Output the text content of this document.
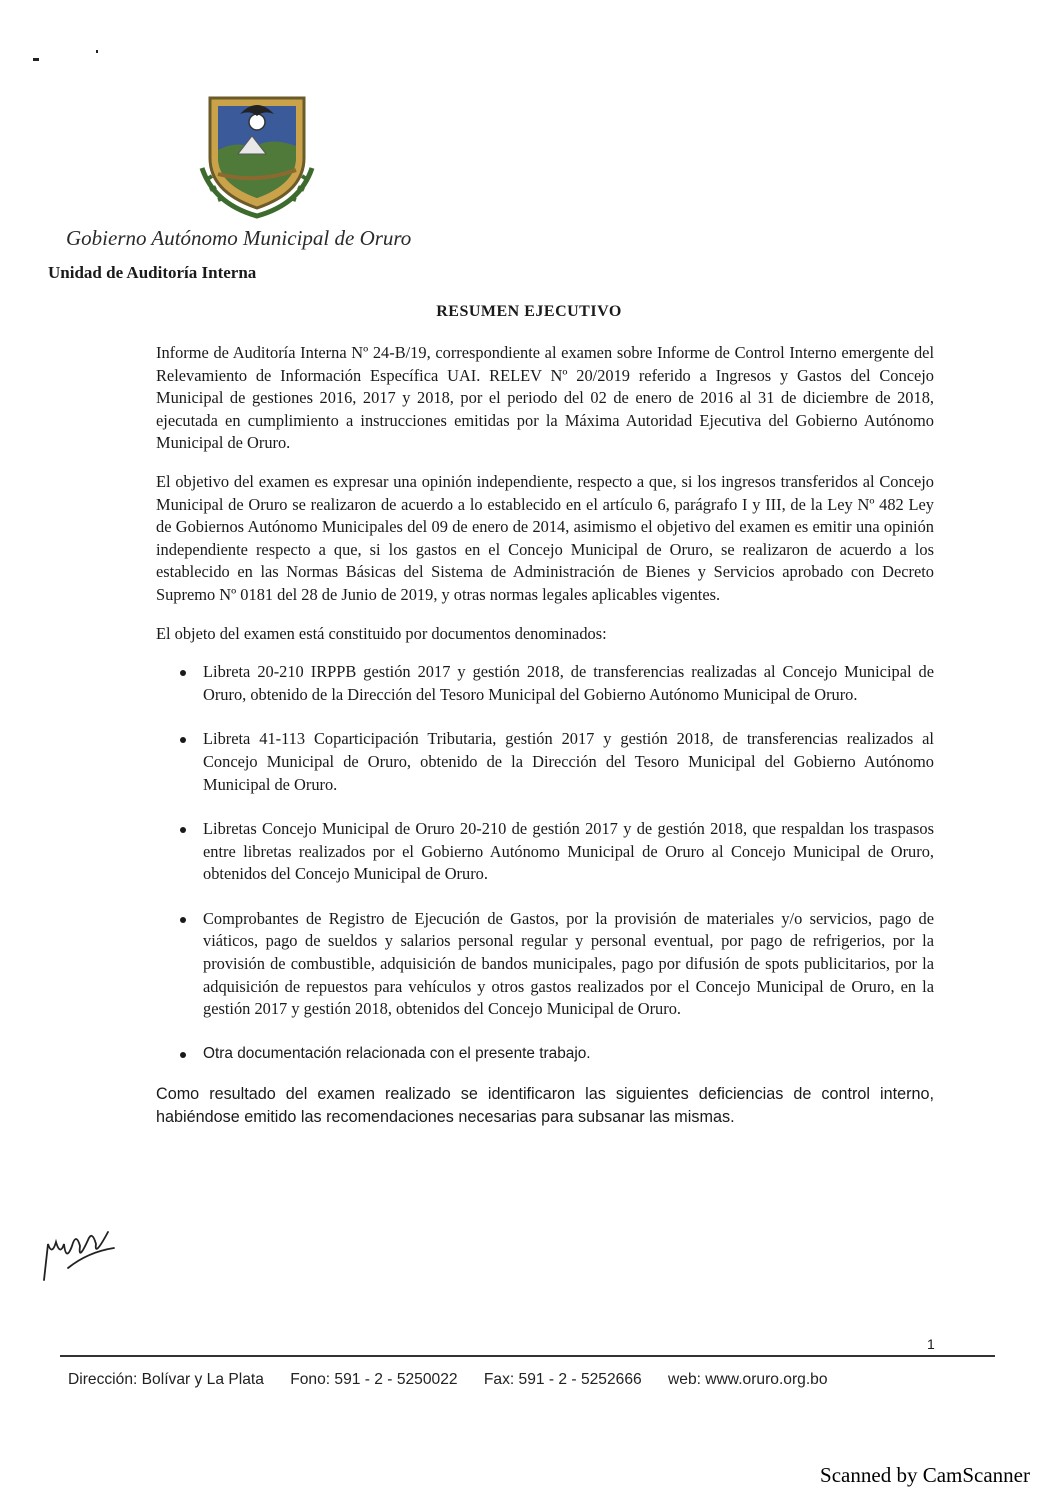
Gobierno Autónomo Municipal de Oruro
Unidad de Auditoría Interna
RESUMEN EJECUTIVO

Informe de Auditoría Interna Nº 24-B/19, correspondiente al examen sobre Informe de Control Interno emergente del Relevamiento de Información Específica UAI. RELEV Nº 20/2019 referido a Ingresos y Gastos del Concejo Municipal de gestiones 2016, 2017 y 2018, por el periodo del 02 de enero de 2016 al 31 de diciembre de 2018, ejecutada en cumplimiento a instrucciones emitidas por la Máxima Autoridad Ejecutiva del Gobierno Autónomo Municipal de Oruro.

El objetivo del examen es expresar una opinión independiente, respecto a que, si los ingresos transferidos al Concejo Municipal de Oruro se realizaron de acuerdo a lo establecido en el artículo 6, parágrafo I y III, de la Ley Nº 482 Ley de Gobiernos Autónomo Municipales del 09 de enero de 2014, asimismo el objetivo del examen es emitir una opinión independiente respecto a que, si los gastos en el Concejo Municipal de Oruro, se realizaron de acuerdo a los establecido en las Normas Básicas del Sistema de Administración de Bienes y Servicios aprobado con Decreto Supremo Nº 0181 del 28 de Junio de 2019, y otras normas legales aplicables vigentes.

El objeto del examen está constituido por documentos denominados:

Libreta 20-210 IRPPB gestión 2017 y gestión 2018, de transferencias realizadas al Concejo Municipal de Oruro, obtenido de la Dirección del Tesoro Municipal del Gobierno Autónomo Municipal de Oruro.
Libreta 41-113 Coparticipación Tributaria, gestión 2017 y gestión 2018, de transferencias realizados al Concejo Municipal de Oruro, obtenido de la Dirección del Tesoro Municipal del Gobierno Autónomo Municipal de Oruro.
Libretas Concejo Municipal de Oruro 20-210 de gestión 2017 y de gestión 2018, que respaldan los traspasos entre libretas realizados por el Gobierno Autónomo Municipal de Oruro al Concejo Municipal de Oruro, obtenidos del Concejo Municipal de Oruro.
Comprobantes de Registro de Ejecución de Gastos, por la provisión de materiales y/o servicios, pago de viáticos, pago de sueldos y salarios personal regular y personal eventual, por pago de refrigerios, por la provisión de combustible, adquisición de bandos municipales, pago por difusión de spots publicitarios, por la adquisición de repuestos para vehículos y otros gastos realizados por el Concejo Municipal de Oruro, en la gestión 2017 y gestión 2018, obtenidos del Concejo Municipal de Oruro.
Otra documentación relacionada con el presente trabajo.

Como resultado del examen realizado se identificaron las siguientes deficiencias de control interno, habiéndose emitido las recomendaciones necesarias para subsanar las mismas.

1
Dirección: Bolívar y La Plata Fono: 591 - 2 - 5250022 Fax: 591 - 2 - 5252666 web: www.oruro.org.bo
Scanned by CamScanner
